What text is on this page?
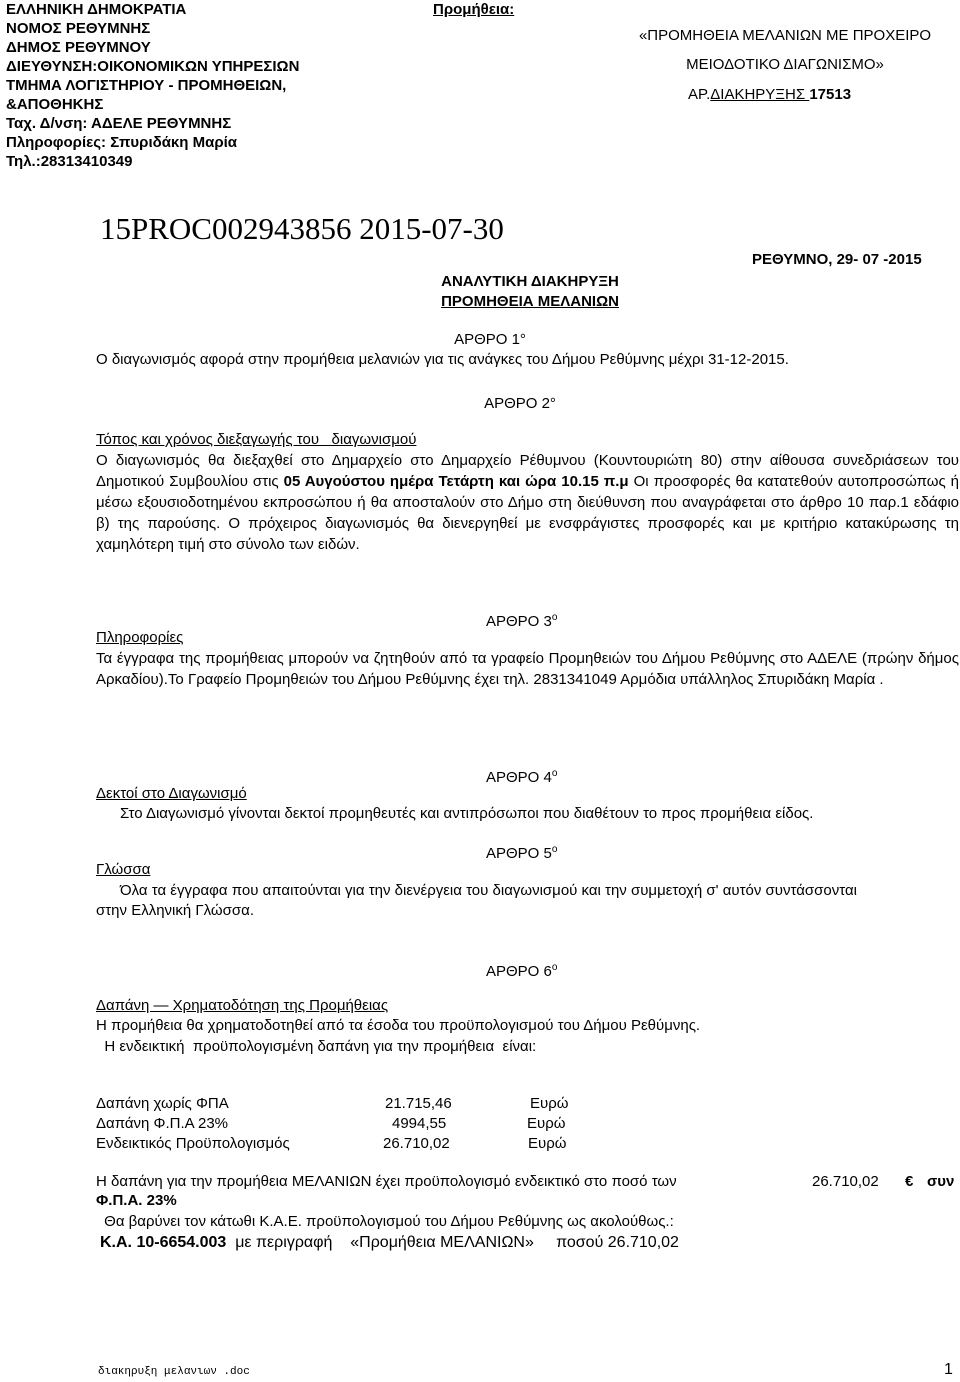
ΕΛΛΗΝΙΚΗ ΔΗΜΟΚΡΑΤΙΑ
ΝΟΜΟΣ ΡΕΘΥΜΝΗΣ
ΔΗΜΟΣ ΡΕΘΥΜΝΟΥ
ΔΙΕΥΘΥΝΣΗ:ΟΙΚΟΝΟΜΙΚΩΝ ΥΠΗΡΕΣΙΩΝ
ΤΜΗΜΑ ΛΟΓΙΣΤΗΡΙΟΥ - ΠΡΟΜΗΘΕΙΩΝ,
&ΑΠΟΘΗΚΗΣ
Ταχ. Δ/νση: ΑΔΕΛΕ ΡΕΘΥΜΝΗΣ
Πληροφορίες: Σπυριδάκη Μαρία
Τηλ.:28313410349
Προμήθεια:
«ΠΡΟΜΗΘΕΙΑ ΜΕΛΑΝΙΩΝ ΜΕ ΠΡΟΧΕΙΡΟ
ΜΕΙΟΔΟΤΙΚΟ ΔΙΑΓΩΝΙΣΜΟ»
ΑΡ.ΔΙΑΚΗΡΥΞΗΣ 17513
15PROC002943856 2015-07-30
ΡΕΘΥΜΝΟ, 29- 07 -2015
ΑΝΑΛΥΤΙΚΗ ΔΙΑΚΗΡΥΞΗ
ΠΡΟΜΗΘΕΙΑ ΜΕΛΑΝΙΩΝ
ΑΡΘΡΟ 1°
Ο διαγωνισμός αφορά στην προμήθεια μελανιών για τις ανάγκες του Δήμου Ρεθύμνης μέχρι 31-12-2015.
ΑΡΘΡΟ 2°
Τόπος και χρόνος διεξαγωγής του   διαγωνισμού
Ο διαγωνισμός θα διεξαχθεί στο Δημαρχείο στο Δημαρχείο Ρέθυμνου (Κουντουριώτη 80) στην αίθουσα συνεδριάσεων του Δημοτικού Συμβουλίου στις 05 Αυγούστου ημέρα Τετάρτη και ώρα 10.15 π.μ Οι προσφορές θα κατατεθούν αυτοπροσώπως ή μέσω εξουσιοδοτημένου εκπροσώπου ή θα αποσταλούν στο Δήμο στη διεύθυνση που αναγράφεται στο άρθρο 10 παρ.1 εδάφιο β) της παρούσης. Ο πρόχειρος διαγωνισμός θα διενεργηθεί με ενσφράγιστες προσφορές και με κριτήριο κατακύρωσης τη χαμηλότερη τιμή στο σύνολο των ειδών.
ΑΡΘΡΟ $3^o$
Πληροφορίες
Τα έγγραφα της προμήθειας μπορούν να ζητηθούν από τα γραφείο Προμηθειών του Δήμου Ρεθύμνης στο ΑΔΕΛΕ (πρώην δήμος Αρκαδίου).Το Γραφείο Προμηθειών του Δήμου Ρεθύμνης έχει τηλ. 2831341049 Αρμόδια υπάλληλος Σπυριδάκη Μαρία .
ΑΡΘΡΟ $4^o$
Δεκτοί στο Διαγωνισμό
Στο Διαγωνισμό γίνονται δεκτοί προμηθευτές και αντιπρόσωποι που διαθέτουν το προς προμήθεια είδος.
ΑΡΘΡΟ $5^o$
Γλώσσα
Όλα τα έγγραφα που απαιτούνται για την διενέργεια του διαγωνισμού και την συμμετοχή σ' αυτόν συντάσσονται
στην Ελληνική Γλώσσα.
ΑΡΘΡΟ $6^o$
Δαπάνη — Χρηματοδότηση της Προμήθειας
Η προμήθεια θα χρηματοδοτηθεί από τα έσοδα του προϋπολογισμού του Δήμου Ρεθύμνης.
Η ενδεικτική  προϋπολογισμένη δαπάνη για την προμήθεια  είναι:
Δαπάνη χωρίς ΦΠΑ	21.715,46	Ευρώ
Δαπάνη Φ.Π.Α 23%	4994,55	Ευρώ
Ενδεικτικός Προϋπολογισμός	26.710,02	Ευρώ
Η δαπάνη για την προμήθεια ΜΕΛΑΝΙΩΝ έχει προϋπολογισμό ενδεικτικό στο ποσό των	26.710,02 € συν
Φ.Π.Α. 23%
Θα βαρύνει τον κάτωθι Κ.Α.Ε. προϋπολογισμού του Δήμου Ρεθύμνης ως ακολούθως.:
Κ.Α. 10-6654.003  με περιγραφή    «Προμήθεια ΜΕΛΑΝΙΩΝ»     ποσού 26.710,02
διακηρυξη μελανιων .doc	1
